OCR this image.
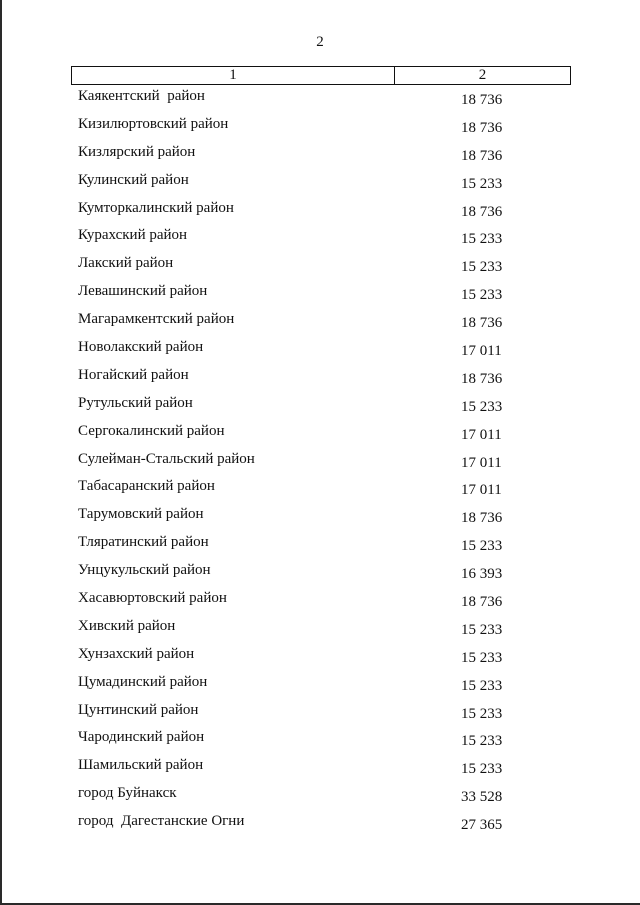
2
1	2
Каякентский  район	18 736
Кизилюртовский район	18 736
Кизлярский район	18 736
Кулинский район	15 233
Кумторкалинский район	18 736
Курахский район	15 233
Лакский район	15 233
Левашинский район	15 233
Магарамкентский район	18 736
Новолакский район	17 011
Ногайский район	18 736
Рутульский район	15 233
Сергокалинский район	17 011
Сулейман-Стальский район	17 011
Табасаранский район	17 011
Тарумовский район	18 736
Тляратинский район	15 233
Унцукульский район	16 393
Хасавюртовский район	18 736
Хивский район	15 233
Хунзахский район	15 233
Цумадинский район	15 233
Цунтинский район	15 233
Чародинский район	15 233
Шамильский район	15 233
город Буйнакск	33 528
город  Дагестанские Огни	27 365
